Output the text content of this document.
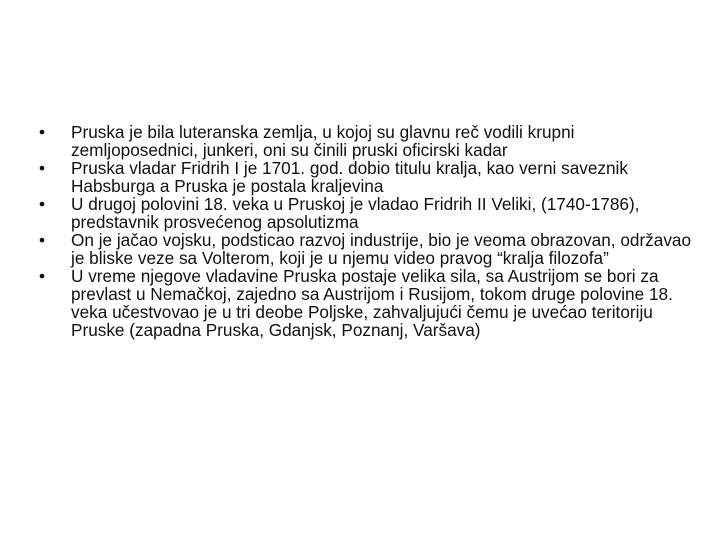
• Pruska je bila luteranska zemlja, u kojoj su glavnu reč vodili krupni zemljoposednici, junkeri, oni su činili pruski oficirski kadar
• Pruska vladar Fridrih I je 1701. god. dobio titulu kralja, kao verni saveznik Habsburga a Pruska je postala kraljevina
• U drugoj polovini 18. veka u Pruskoj je vladao Fridrih II Veliki, (1740-1786), predstavnik prosvećenog apsolutizma
• On je jačao vojsku, podsticao razvoj industrije, bio je veoma obrazovan, održavao je bliske veze sa Volterom, koji je u njemu video pravog “kralja filozofa”
• U vreme njegove vladavine Pruska postaje velika sila, sa Austrijom se bori za prevlast u Nemačkoj, zajedno sa Austrijom i Rusijom, tokom druge polovine 18. veka učestvovao je u tri deobe Poljske, zahvaljujući čemu je uvećao teritoriju Pruske (zapadna Pruska, Gdanjsk, Poznanj, Varšava)
